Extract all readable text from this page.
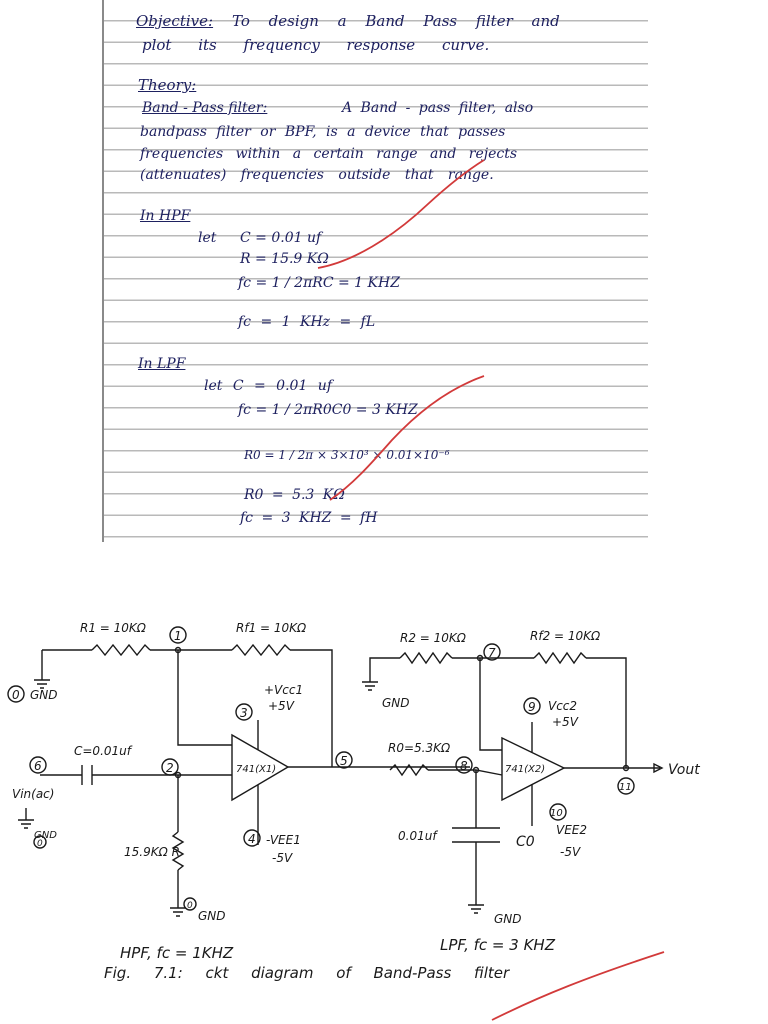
Objective: To design a Band Pass filter and
plot its frequency response curve.
Theory:
Band - Pass filter:	A Band - pass filter, also
bandpass filter or BPF, is a device that passes
frequencies within a certain range and rejects
(attenuates) frequencies outside that range.
In HPF
let C = 0.01 uf
R = 15.9 KΩ
fc = 1 / 2πRC = 1 KHZ
fc = 1 KHz = fL
In LPF
let C = 0.01 uf
fc = 1 / 2πR0C0 = 3 KHZ
R0 = 1 / 2π × 3×10³ × 0.01×10⁻⁶
R0 = 5.3 KΩ
fc = 3 KHZ = fH
1
2
3
4
5
6
7
8
9
10
11
0
0
0
R1 = 10KΩ	Rf1 = 10KΩ
R2 = 10KΩ	Rf2 = 10KΩ
GND
GND
GND
GND	GND
+Vcc1
+5V
-VEE1
-5V
Vcc2
+5V
VEE2
-5V
741(X1)	741(X2)
C=0.01uf
15.9KΩ R
R0=5.3KΩ
0.01uf	C0
Vin(ac)
Vout
HPF, fc = 1KHZ	LPF, fc = 3 KHZ
Fig. 7.1: ckt diagram of Band-Pass filter
